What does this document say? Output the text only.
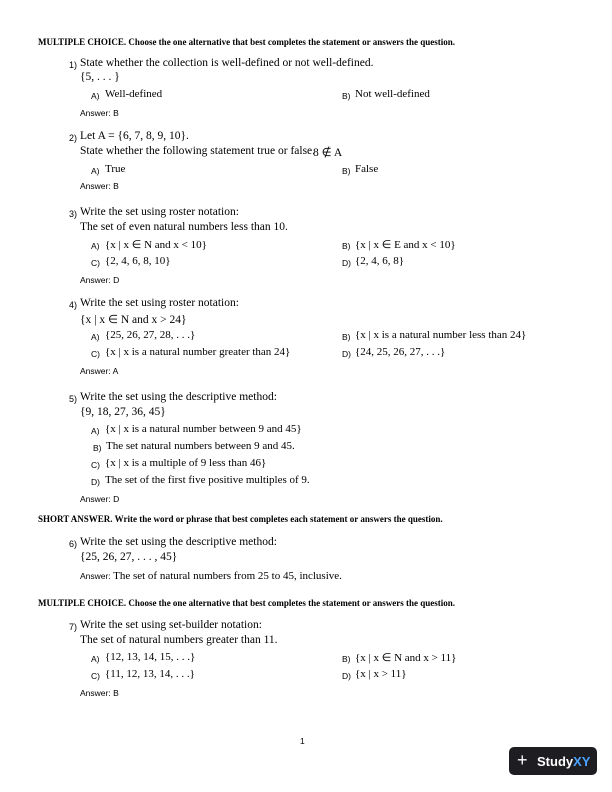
MULTIPLE CHOICE. Choose the one alternative that best completes the statement or answers the question.
1) State whether the collection is well-defined or not well-defined.
{5, . . . }
A) Well-defined	B) Not well-defined
Answer: B
2) Let A = {6, 7, 8, 9, 10}.
State whether the following statement true or false.
8 ∉ A
A) True	B) False
Answer: B
3) Write the set using roster notation:
The set of even natural numbers less than 10.
A) {x | x ∈ N and x < 10}	B) {x | x ∈ E and x < 10}
C) {2, 4, 6, 8, 10}	D) {2, 4, 6, 8}
Answer: D
4) Write the set using roster notation:
{x | x ∈ N and x > 24}
A) {25, 26, 27, 28, . . .}	B) {x | x is a natural number less than 24}
C) {x | x is a natural number greater than 24}	D) {24, 25, 26, 27, . . .}
Answer: A
5) Write the set using the descriptive method:
{9, 18, 27, 36, 45}
A) {x | x is a natural number between 9 and 45}
B) The set natural numbers between 9 and 45.
C) {x | x is a multiple of 9 less than 46}
D) The set of the first five positive multiples of 9.
Answer: D
SHORT ANSWER. Write the word or phrase that best completes each statement or answers the question.
6) Write the set using the descriptive method:
{25, 26, 27, . . . , 45}
Answer: The set of natural numbers from 25 to 45, inclusive.
MULTIPLE CHOICE. Choose the one alternative that best completes the statement or answers the question.
7) Write the set using set-builder notation:
The set of natural numbers greater than 11.
A) {12, 13, 14, 15, . . .}	B) {x | x ∈ N and x > 11}
C) {11, 12, 13, 14, . . .}	D) {x | x > 11}
Answer: B
1
+ StudyXY
